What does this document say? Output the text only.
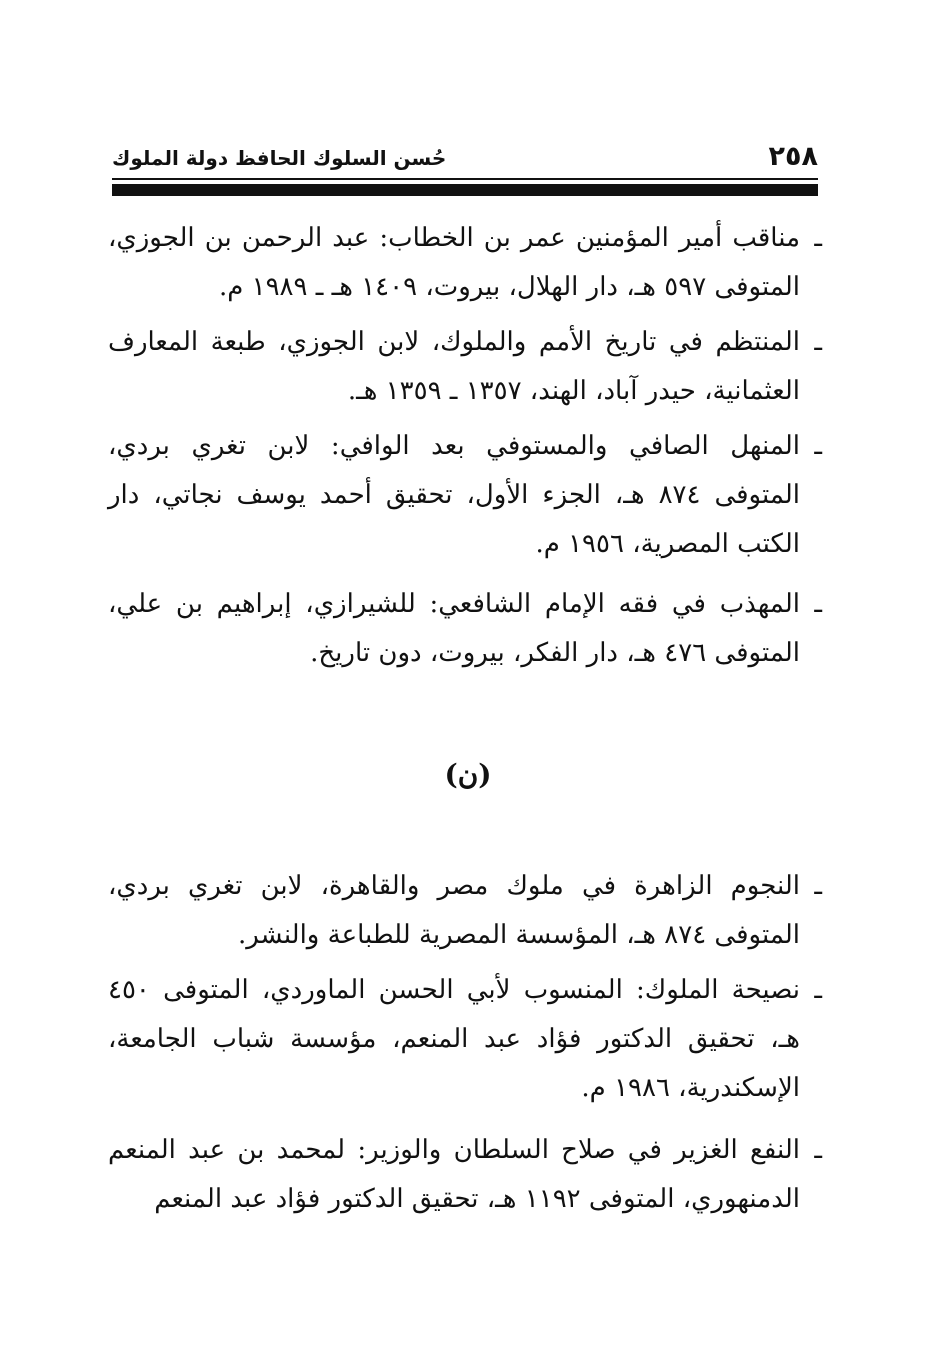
٢٥٨
حُسن السلوك الحافظ دولة الملوك
ـ
مناقب أمير المؤمنين عمر بن الخطاب: عبد الرحمن بن الجوزي، المتوفى ٥٩٧ هـ، دار الهلال، بيروت، ١٤٠٩ هـ ـ ١٩٨٩ م.
ـ
المنتظم في تاريخ الأمم والملوك، لابن الجوزي، طبعة المعارف العثمانية، حيدر آباد، الهند، ١٣٥٧ ـ ١٣٥٩ هـ.
ـ
المنهل الصافي والمستوفي بعد الوافي: لابن تغري بردي، المتوفى ٨٧٤ هـ، الجزء الأول، تحقيق أحمد يوسف نجاتي، دار الكتب المصرية، ١٩٥٦ م.
ـ
المهذب في فقه الإمام الشافعي: للشيرازي، إبراهيم بن علي، المتوفى ٤٧٦ هـ، دار الفكر، بيروت، دون تاريخ.
(ن)
ـ
النجوم الزاهرة في ملوك مصر والقاهرة، لابن تغري بردي، المتوفى ٨٧٤ هـ، المؤسسة المصرية للطباعة والنشر.
ـ
نصيحة الملوك: المنسوب لأبي الحسن الماوردي، المتوفى ٤٥٠ هـ، تحقيق الدكتور فؤاد عبد المنعم، مؤسسة شباب الجامعة، الإسكندرية، ١٩٨٦ م.
ـ
النفع الغزير في صلاح السلطان والوزير: لمحمد بن عبد المنعم الدمنهوري، المتوفى ١١٩٢ هـ، تحقيق الدكتور فؤاد عبد المنعم
